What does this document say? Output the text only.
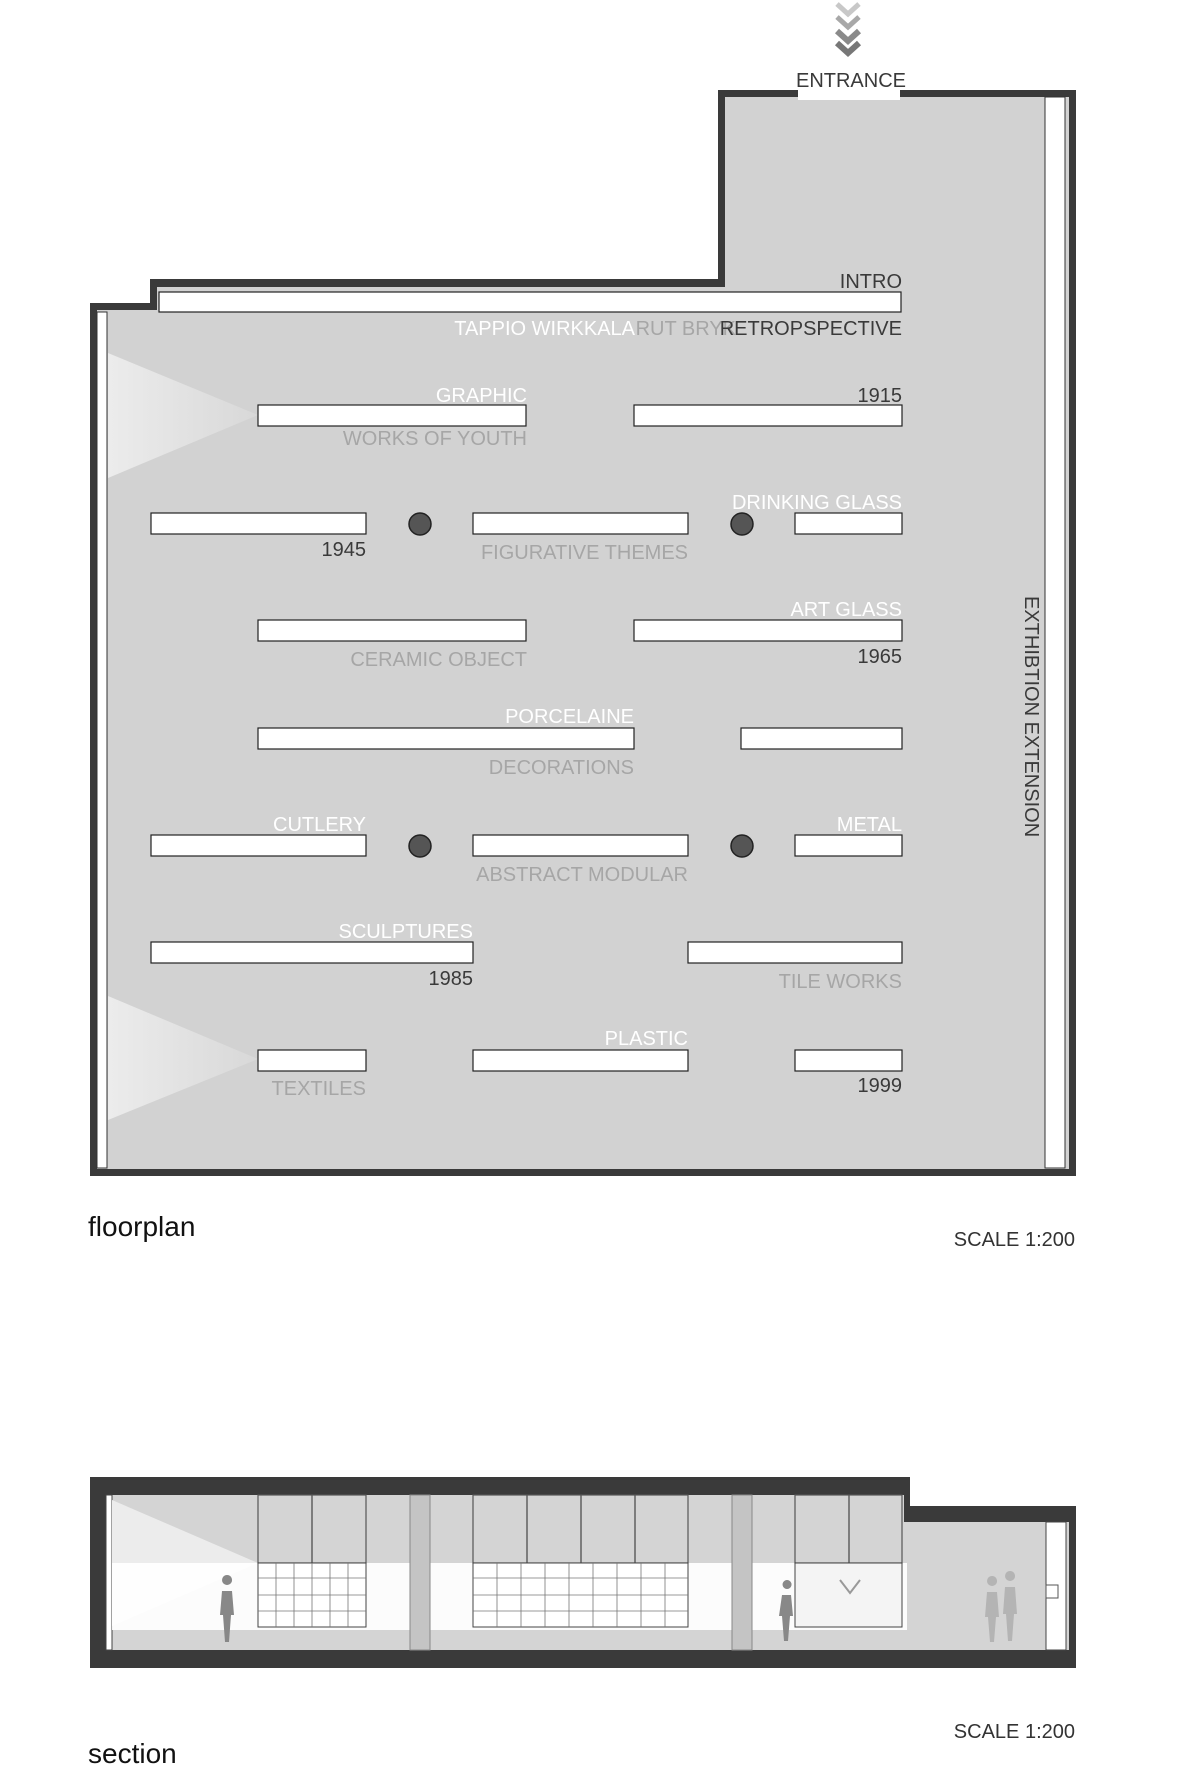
ENTRANCE
INTRO
TAPPIO WIRKKALA RUT BRYK
RETROPSPECTIVE
GRAPHIC
WORKS OF YOUTH
1915
DRINKING GLASS
1945	FIGURATIVE THEMES
ART GLASS
CERAMIC OBJECT	1965
PORCELAINE
DECORATIONS
CUTLERY	METAL
ABSTRACT MODULAR
SCULPTURES
1985	TILE WORKS
PLASTIC
TEXTILES	1999
EXTHIBTION EXTENSION
floorplan	SCALE 1:200
section
SCALE 1:200
